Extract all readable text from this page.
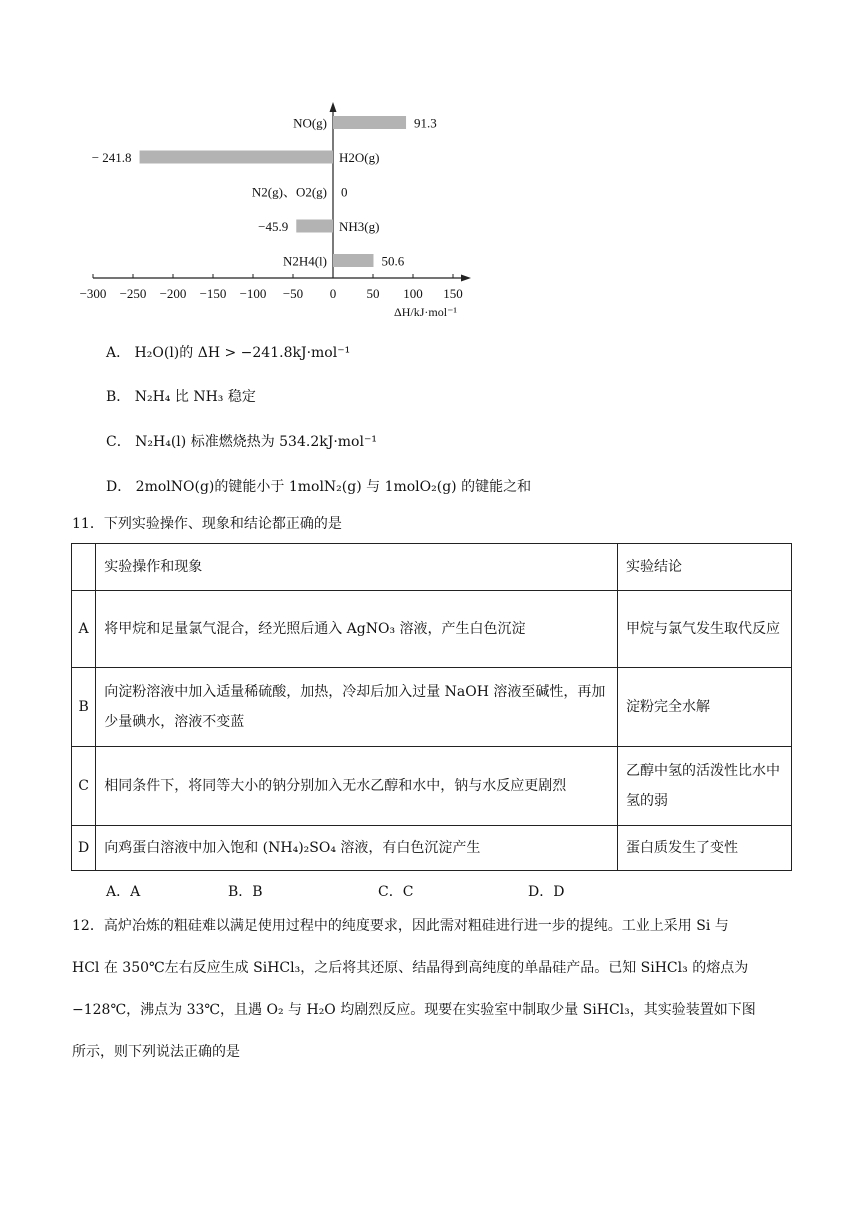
−300 −250 −200 −150 −100 −50 0 50 100 150
ΔH/kJ·mol⁻¹
NO(g)	91.3
H2O(g)
− 241.8
N2(g)、O2(g) 0
NH3(g)
−45.9
N2H4(l)	50.6
A． H₂O(l)的 ΔH > −241.8kJ·mol⁻¹
B． N₂H₄ 比 NH₃ 稳定
C． N₂H₄(l) 标准燃烧热为 534.2kJ·mol⁻¹
D． 2molNO(g)的键能小于 1molN₂(g) 与 1molO₂(g) 的键能之和
11．下列实验操作、现象和结论都正确的是
	实验操作和现象	实验结论
A	将甲烷和足量氯气混合，经光照后通入 AgNO₃ 溶液，产生白色沉淀	甲烷与氯气发生取代反应
B	向淀粉溶液中加入适量稀硫酸，加热，冷却后加入过量 NaOH 溶液至碱性，再加少量碘水，溶液不变蓝	淀粉完全水解
C	相同条件下，将同等大小的钠分别加入无水乙醇和水中，钠与水反应更剧烈	乙醇中氢的活泼性比水中氢的弱
D	向鸡蛋白溶液中加入饱和 (NH₄)₂SO₄ 溶液，有白色沉淀产生	蛋白质发生了变性
A．A	B．B	C．C	D．D
12．高炉冶炼的粗硅难以满足使用过程中的纯度要求，因此需对粗硅进行进一步的提纯。工业上采用 Si 与
HCl 在 350℃左右反应生成 SiHCl₃，之后将其还原、结晶得到高纯度的单晶硅产品。已知 SiHCl₃ 的熔点为
−128℃，沸点为 33℃，且遇 O₂ 与 H₂O 均剧烈反应。现要在实验室中制取少量 SiHCl₃，其实验装置如下图
所示，则下列说法正确的是
